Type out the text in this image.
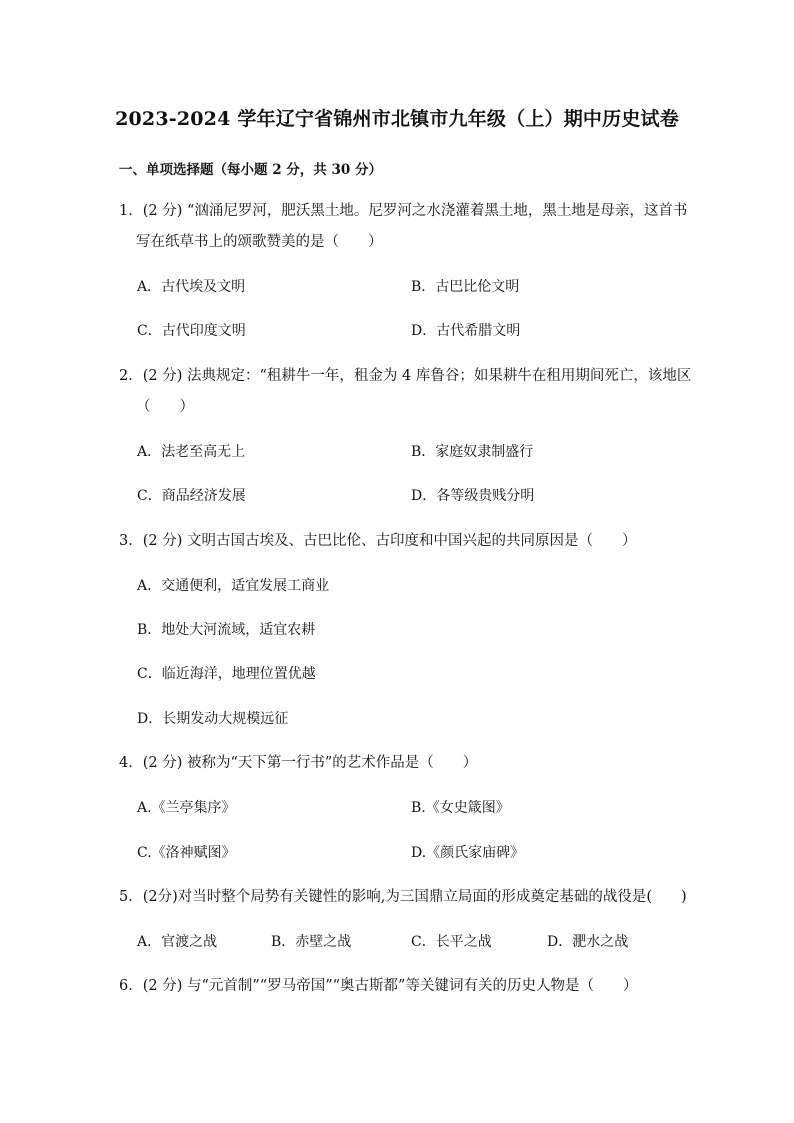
2023-2024 学年辽宁省锦州市北镇市九年级（上）期中历史试卷
一、单项选择题（每小题 2 分，共 30 分）
1．(2 分) “汹涌尼罗河，肥沃黑土地。尼罗河之水浇灌着黑土地，黑土地是母亲，这首书
写在纸草书上的颂歌赞美的是（　　）
A．古代埃及文明	B．古巴比伦文明
C．古代印度文明	D．古代希腊文明
2．(2 分) 法典规定：“租耕牛一年，租金为 4 库鲁谷；如果耕牛在租用期间死亡，该地区
（　　）
A．法老至高无上	B．家庭奴隶制盛行
C．商品经济发展	D．各等级贵贱分明
3．(2 分) 文明古国古埃及、古巴比伦、古印度和中国兴起的共同原因是（　　）
A．交通便利，适宜发展工商业
B．地处大河流域，适宜农耕
C．临近海洋，地理位置优越
D．长期发动大规模远征
4．(2 分) 被称为“天下第一行书”的艺术作品是（　　）
A.《兰亭集序》	B.《女史箴图》
C.《洛神赋图》	D.《颜氏家庙碑》
5．(2分)对当时整个局势有关键性的影响,为三国鼎立局面的形成奠定基础的战役是(　　)
A．官渡之战	B．赤壁之战	C．长平之战	D．淝水之战
6．(2 分) 与“元首制”“罗马帝国”“奥古斯都”等关键词有关的历史人物是（　　）
